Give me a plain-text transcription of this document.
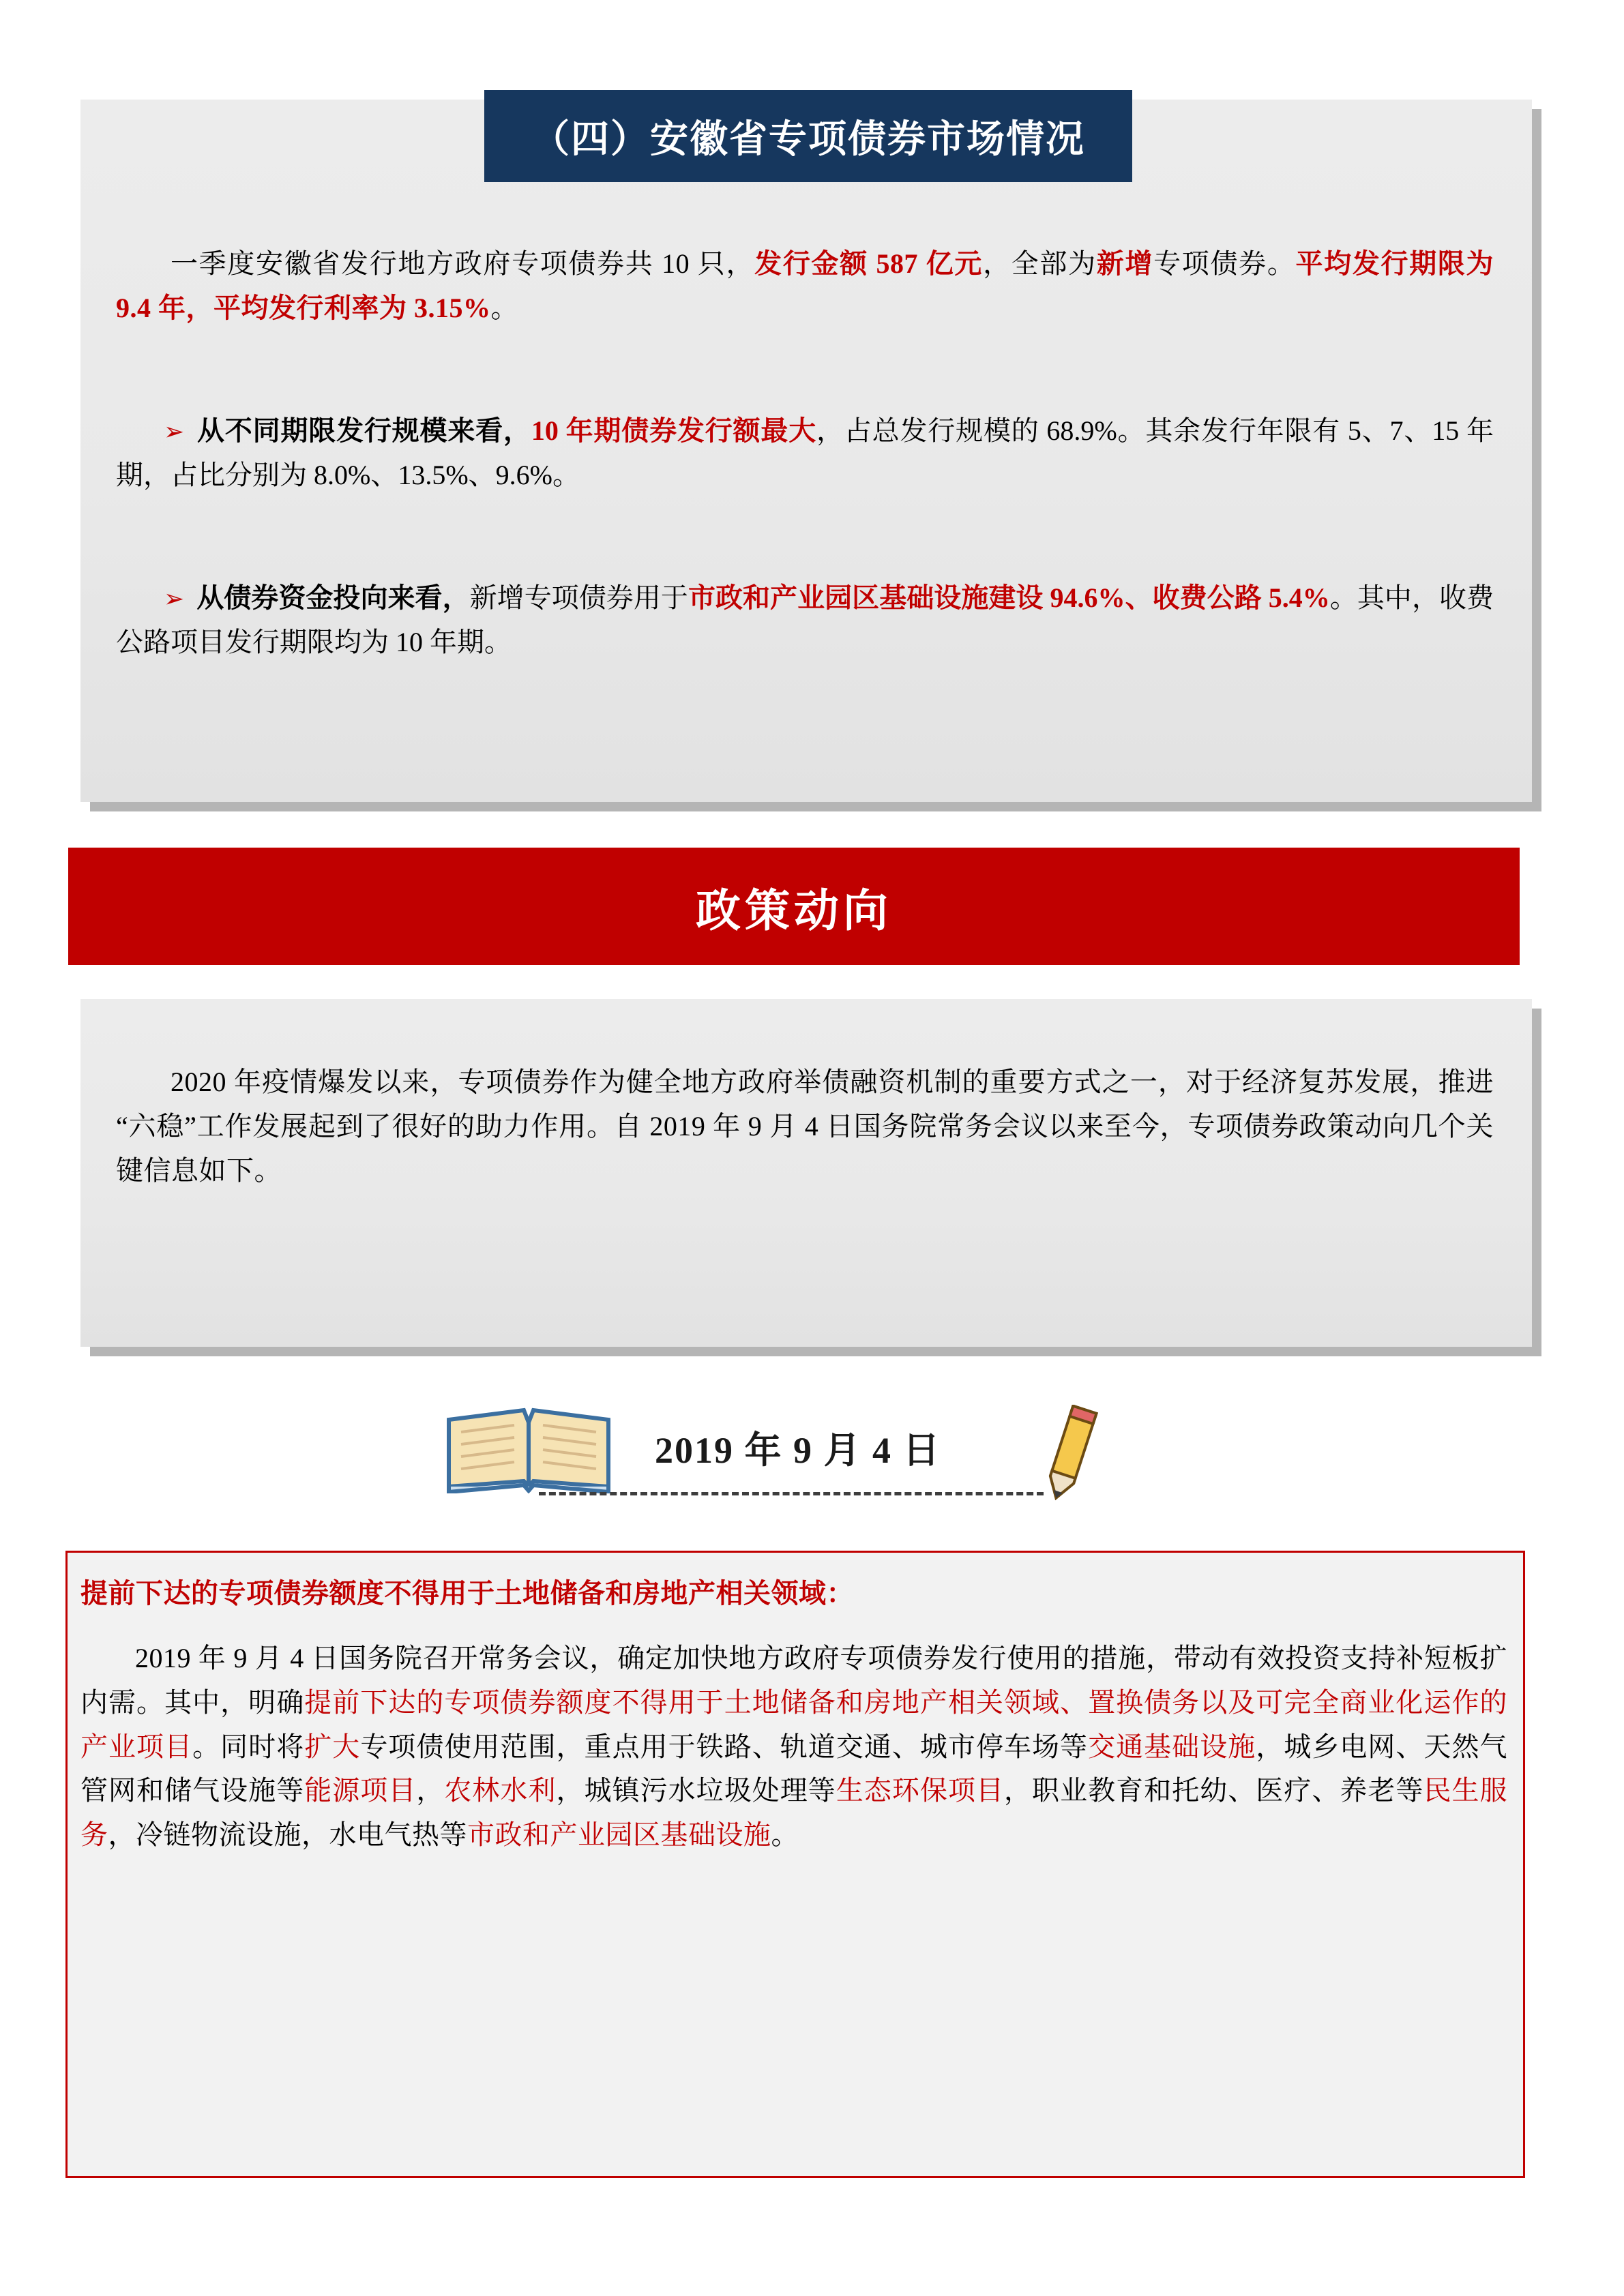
（四）安徽省专项债券市场情况
一季度安徽省发行地方政府专项债券共 10 只，发行金额 587 亿元，全部为新增专项债券。平均发行期限为 9.4 年，平均发行利率为 3.15%。
➢ 从不同期限发行规模来看，10 年期债券发行额最大，占总发行规模的 68.9%。其余发行年限有 5、7、15 年期，占比分别为 8.0%、13.5%、9.6%。
➢ 从债券资金投向来看，新增专项债券用于市政和产业园区基础设施建设 94.6%、收费公路 5.4%。其中，收费公路项目发行期限均为 10 年期。
政策动向
2020 年疫情爆发以来，专项债券作为健全地方政府举债融资机制的重要方式之一，对于经济复苏发展，推进“六稳”工作发展起到了很好的助力作用。自 2019 年 9 月 4 日国务院常务会议以来至今，专项债券政策动向几个关键信息如下。
2019 年 9 月 4 日
提前下达的专项债券额度不得用于土地储备和房地产相关领域：
2019 年 9 月 4 日国务院召开常务会议，确定加快地方政府专项债券发行使用的措施，带动有效投资支持补短板扩内需。其中，明确提前下达的专项债券额度不得用于土地储备和房地产相关领域、置换债务以及可完全商业化运作的产业项目。同时将扩大专项债使用范围，重点用于铁路、轨道交通、城市停车场等交通基础设施，城乡电网、天然气管网和储气设施等能源项目，农林水利，城镇污水垃圾处理等生态环保项目，职业教育和托幼、医疗、养老等民生服务，冷链物流设施，水电气热等市政和产业园区基础设施。
